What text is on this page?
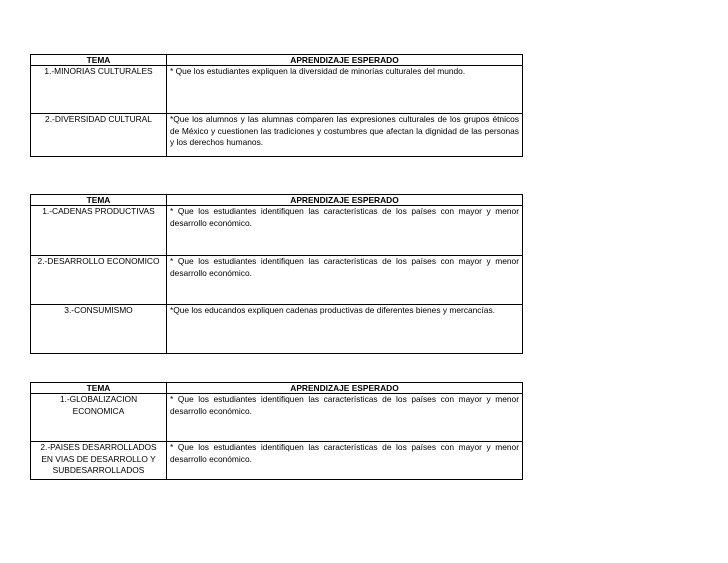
TEMA	APRENDIZAJE ESPERADO
1.-MINORIAS CULTURALES	* Que los estudiantes expliquen la diversidad de minorías culturales del mundo.
2.-DIVERSIDAD CULTURAL	*Que los alumnos y las alumnas comparen las expresiones culturales de los grupos étnicos de México y cuestionen las tradiciones y costumbres que afectan la dignidad de las personas y los derechos humanos.
TEMA	APRENDIZAJE ESPERADO
1.-CADENAS PRODUCTIVAS	* Que los estudiantes identifiquen las características de los países con mayor y menor desarrollo económico.
2.-DESARROLLO ECONOMICO	* Que los estudiantes identifiquen las características de los países con mayor y menor desarrollo económico.
3.-CONSUMISMO	*Que los educandos expliquen cadenas productivas de diferentes bienes y mercancías.
TEMA	APRENDIZAJE ESPERADO
1.-GLOBALIZACION ECONOMICA	* Que los estudiantes identifiquen las características de los países con mayor y menor desarrollo económico.
2.-PAISES DESARROLLADOS EN VIAS DE DESARROLLO Y SUBDESARROLLADOS	* Que los estudiantes identifiquen las características de los países con mayor y menor desarrollo económico.
